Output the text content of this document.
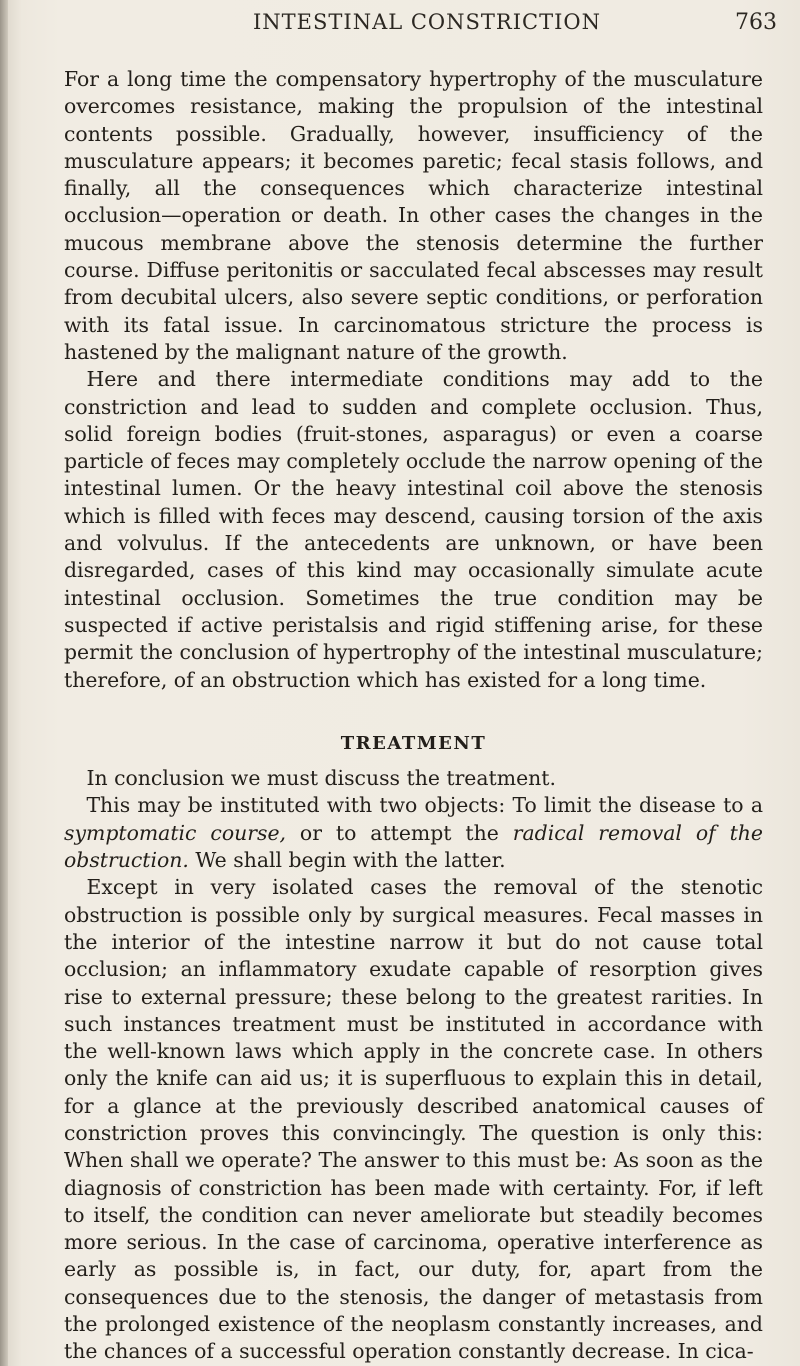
INTESTINAL CONSTRICTION	763

For a long time the compensatory hypertrophy of the musculature overcomes resistance, making the propulsion of the intestinal contents possible. Gradually, however, insufficiency of the musculature appears; it becomes paretic; fecal stasis follows, and finally, all the consequences which characterize intestinal occlusion—operation or death. In other cases the changes in the mucous membrane above the stenosis determine the further course. Diffuse peritonitis or sacculated fecal abscesses may result from decubital ulcers, also severe septic conditions, or perforation with its fatal issue. In carcinomatous stricture the process is hastened by the malignant nature of the growth.

Here and there intermediate conditions may add to the constriction and lead to sudden and complete occlusion. Thus, solid foreign bodies (fruit-stones, asparagus) or even a coarse particle of feces may completely occlude the narrow opening of the intestinal lumen. Or the heavy intestinal coil above the stenosis which is filled with feces may descend, causing torsion of the axis and volvulus. If the antecedents are unknown, or have been disregarded, cases of this kind may occasionally simulate acute intestinal occlusion. Sometimes the true condition may be suspected if active peristalsis and rigid stiffening arise, for these permit the conclusion of hypertrophy of the intestinal musculature; therefore, of an obstruction which has existed for a long time.

TREATMENT

In conclusion we must discuss the treatment.

This may be instituted with two objects: To limit the disease to a symptomatic course, or to attempt the radical removal of the obstruction. We shall begin with the latter.

Except in very isolated cases the removal of the stenotic obstruction is possible only by surgical measures. Fecal masses in the interior of the intestine narrow it but do not cause total occlusion; an inflammatory exudate capable of resorption gives rise to external pressure; these belong to the greatest rarities. In such instances treatment must be instituted in accordance with the well-known laws which apply in the concrete case. In others only the knife can aid us; it is superfluous to explain this in detail, for a glance at the previously described anatomical causes of constriction proves this convincingly. The question is only this: When shall we operate? The answer to this must be: As soon as the diagnosis of constriction has been made with certainty. For, if left to itself, the condition can never ameliorate but steadily becomes more serious. In the case of carcinoma, operative interference as early as possible is, in fact, our duty, for, apart from the consequences due to the stenosis, the danger of metastasis from the prolonged existence of the neoplasm constantly increases, and the chances of a successful operation constantly decrease. In cica-
